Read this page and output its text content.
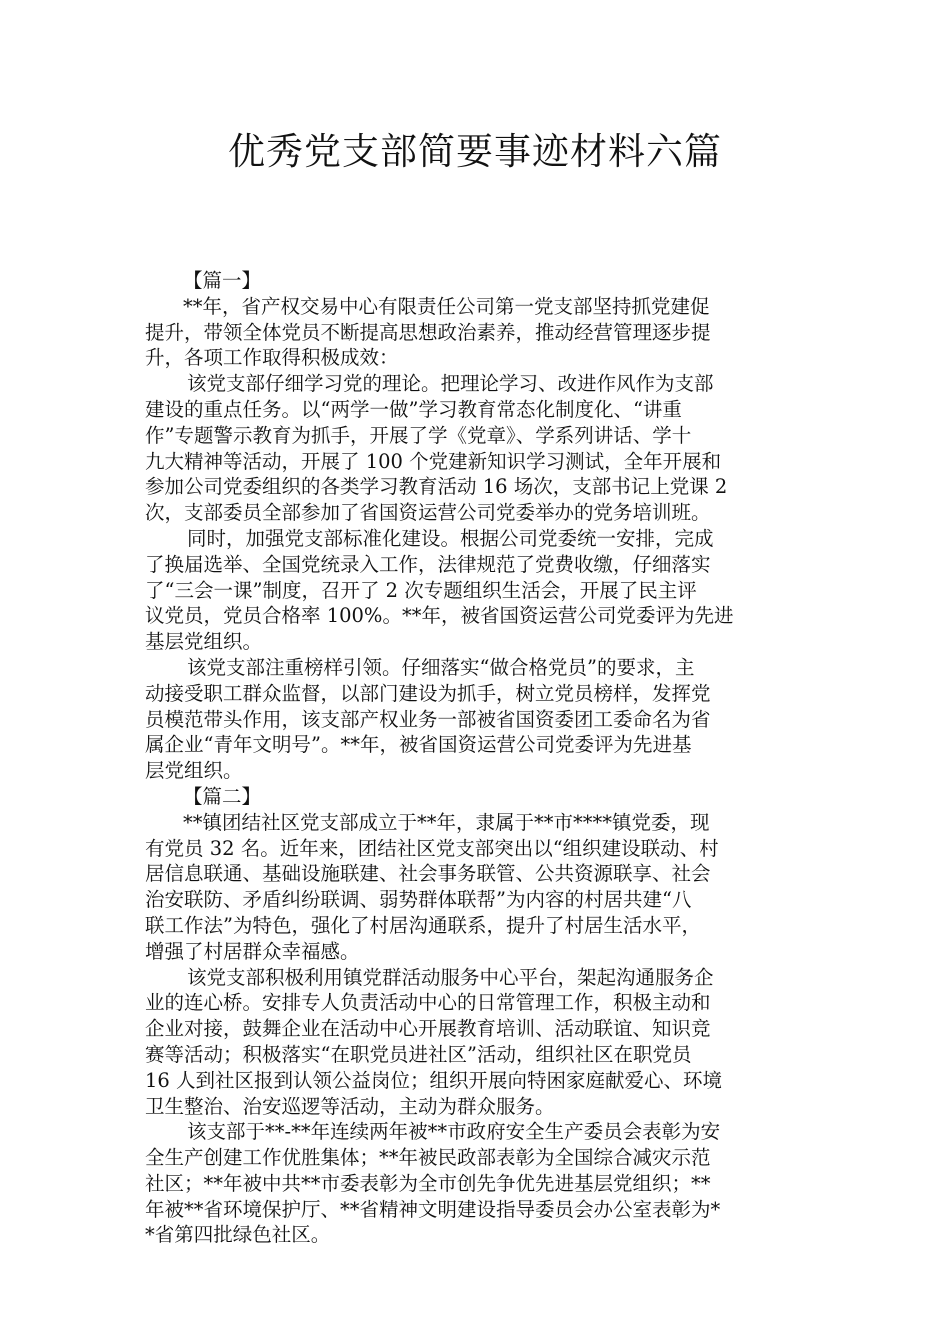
优秀党支部简要事迹材料六篇
【篇一】
**年，省产权交易中心有限责任公司第一党支部坚持抓党建促
提升，带领全体党员不断提高思想政治素养，推动经营管理逐步提
升，各项工作取得积极成效：
该党支部仔细学习党的理论。把理论学习、改进作风作为支部
建设的重点任务。以“两学一做”学习教育常态化制度化、“讲重
作”专题警示教育为抓手，开展了学《党章》、学系列讲话、学十
九大精神等活动，开展了 100 个党建新知识学习测试，全年开展和
参加公司党委组织的各类学习教育活动 16 场次，支部书记上党课 2
次，支部委员全部参加了省国资运营公司党委举办的党务培训班。
同时，加强党支部标准化建设。根据公司党委统一安排，完成
了换届选举、全国党统录入工作，法律规范了党费收缴，仔细落实
了“三会一课”制度，召开了 2 次专题组织生活会，开展了民主评
议党员，党员合格率 100%。**年，被省国资运营公司党委评为先进
基层党组织。
该党支部注重榜样引领。仔细落实“做合格党员”的要求，主
动接受职工群众监督，以部门建设为抓手，树立党员榜样，发挥党
员模范带头作用，该支部产权业务一部被省国资委团工委命名为省
属企业“青年文明号”。**年，被省国资运营公司党委评为先进基
层党组织。
【篇二】
**镇团结社区党支部成立于**年，隶属于**市****镇党委，现
有党员 32 名。近年来，团结社区党支部突出以“组织建设联动、村
居信息联通、基础设施联建、社会事务联管、公共资源联享、社会
治安联防、矛盾纠纷联调、弱势群体联帮”为内容的村居共建“八
联工作法”为特色，强化了村居沟通联系，提升了村居生活水平，
增强了村居群众幸福感。
该党支部积极利用镇党群活动服务中心平台，架起沟通服务企
业的连心桥。安排专人负责活动中心的日常管理工作，积极主动和
企业对接，鼓舞企业在活动中心开展教育培训、活动联谊、知识竞
赛等活动；积极落实“在职党员进社区”活动，组织社区在职党员
16 人到社区报到认领公益岗位；组织开展向特困家庭献爱心、环境
卫生整治、治安巡逻等活动，主动为群众服务。
该支部于**-**年连续两年被**市政府安全生产委员会表彰为安
全生产创建工作优胜集体；**年被民政部表彰为全国综合减灾示范
社区；**年被中共**市委表彰为全市创先争优先进基层党组织；**
年被**省环境保护厅、**省精神文明建设指导委员会办公室表彰为*
*省第四批绿色社区。
